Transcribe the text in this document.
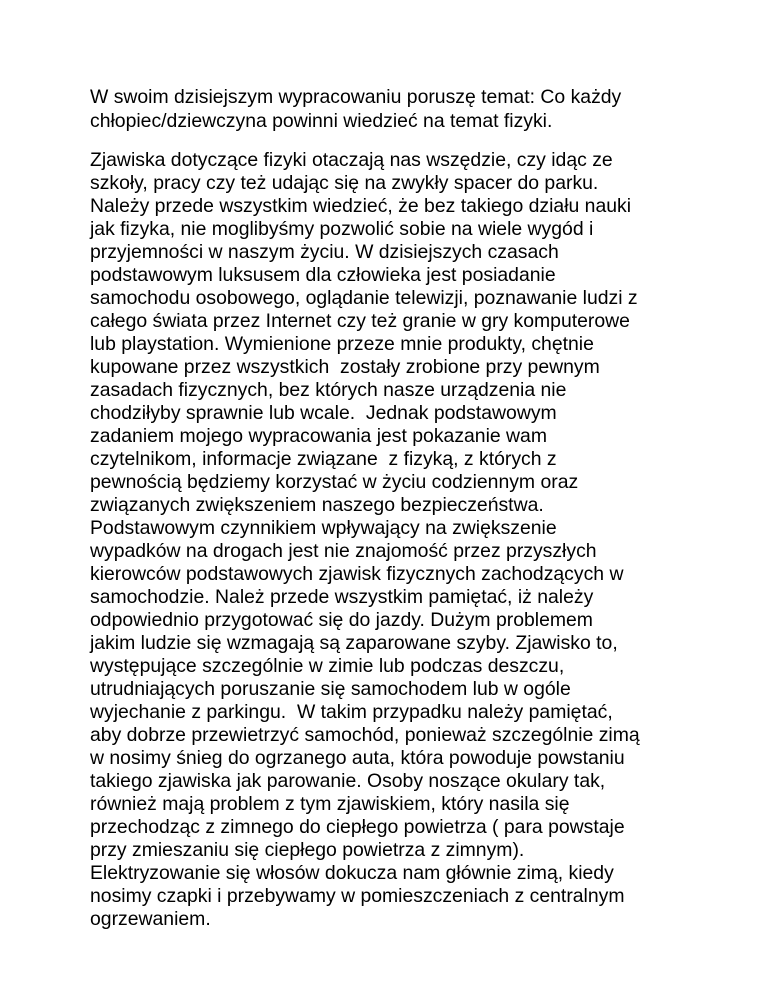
W swoim dzisiejszym wypracowaniu poruszę temat: Co każdy

chłopiec/dziewczyna powinni wiedzieć na temat fizyki.

Zjawiska dotyczące fizyki otaczają nas wszędzie, czy idąc ze

szkoły, pracy czy też udając się na zwykły spacer do parku.

Należy przede wszystkim wiedzieć, że bez takiego działu nauki

jak fizyka, nie moglibyśmy pozwolić sobie na wiele wygód i

przyjemności w naszym życiu. W dzisiejszych czasach

podstawowym luksusem dla człowieka jest posiadanie

samochodu osobowego, oglądanie telewizji, poznawanie ludzi z

całego świata przez Internet czy też granie w gry komputerowe

lub playstation. Wymienione przeze mnie produkty, chętnie

kupowane przez wszystkich  zostały zrobione przy pewnym

zasadach fizycznych, bez których nasze urządzenia nie

chodziłyby sprawnie lub wcale.  Jednak podstawowym

zadaniem mojego wypracowania jest pokazanie wam

czytelnikom, informacje związane  z fizyką, z których z

pewnością będziemy korzystać w życiu codziennym oraz

związanych zwiększeniem naszego bezpieczeństwa.

Podstawowym czynnikiem wpływający na zwiększenie

wypadków na drogach jest nie znajomość przez przyszłych

kierowców podstawowych zjawisk fizycznych zachodzących w

samochodzie. Należ przede wszystkim pamiętać, iż należy

odpowiednio przygotować się do jazdy. Dużym problemem

jakim ludzie się wzmagają są zaparowane szyby. Zjawisko to,

występujące szczególnie w zimie lub podczas deszczu,

utrudniających poruszanie się samochodem lub w ogóle

wyjechanie z parkingu.  W takim przypadku należy pamiętać,

aby dobrze przewietrzyć samochód, ponieważ szczególnie zimą

w nosimy śnieg do ogrzanego auta, która powoduje powstaniu

takiego zjawiska jak parowanie. Osoby noszące okulary tak,

również mają problem z tym zjawiskiem, który nasila się

przechodząc z zimnego do ciepłego powietrza ( para powstaje

przy zmieszaniu się ciepłego powietrza z zimnym).

Elektryzowanie się włosów dokucza nam głównie zimą, kiedy

nosimy czapki i przebywamy w pomieszczeniach z centralnym

ogrzewaniem.
